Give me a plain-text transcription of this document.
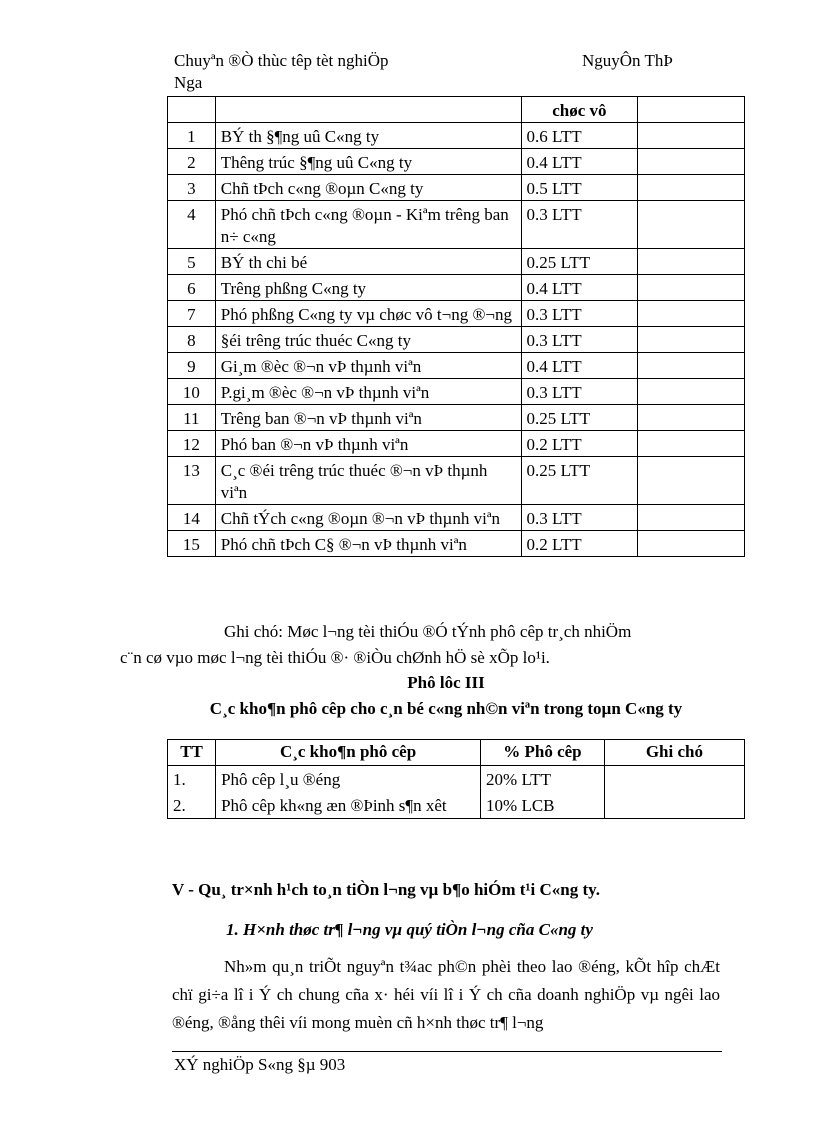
Chuyªn ®Ò thùc têp tèt nghiÖp
Nga
NguyÔn ThÞ
		chøc vô	
1	BÝ th §¶ng uû C«ng ty	0.6 LTT	
2	Thêng trúc §¶ng uû C«ng ty	0.4 LTT	
3	Chñ tÞch c«ng ®oµn C«ng ty	0.5 LTT	
4	Phó chñ tÞch c«ng ®oµn - Kiªm trêng ban n÷ c«ng	0.3 LTT	
5	BÝ th chi bé	0.25 LTT	
6	Trêng phßng C«ng ty	0.4 LTT	
7	Phó phßng C«ng ty vµ chøc vô t¬ng ®¬ng	0.3 LTT	
8	§éi trêng trúc thuéc C«ng ty	0.3 LTT	
9	Gi¸m ®èc ®¬n vÞ thµnh viªn	0.4 LTT	
10	P.gi¸m ®èc ®¬n vÞ thµnh viªn	0.3 LTT	
11	Trêng ban ®¬n vÞ thµnh viªn	0.25 LTT	
12	Phó ban ®¬n vÞ thµnh viªn	0.2 LTT	
13	C¸c ®éi trêng trúc thuéc ®¬n vÞ thµnh viªn	0.25 LTT	
14	Chñ tÝch c«ng ®oµn ®¬n vÞ thµnh viªn	0.3 LTT	
15	Phó chñ tÞch C§ ®¬n vÞ thµnh viªn	0.2 LTT	
Ghi chó: Møc l¬ng tèi thiÓu ®Ó tÝnh phô cêp tr¸ch nhiÖm
c¨n cø vµo møc l¬ng tèi thiÓu ®· ®iÒu chØnh hÖ sè xÕp lo¹i.
Phô lôc III
C¸c kho¶n phô cêp cho c¸n bé c«ng nh©n viªn trong toµn C«ng ty
TT	C¸c kho¶n phô cêp	% Phô cêp	Ghi chó
1.	Phô cêp l¸u ®éng	20% LTT	
2.	Phô cêp kh«ng æn ®Þinh s¶n xêt	10% LCB	
V - Qu¸ tr×nh h¹ch to¸n tiÒn l¬ng vµ b¶o hiÓm t¹i C«ng ty.
1. H×nh thøc tr¶ l¬ng vµ quý tiÒn l¬ng cña C«ng ty
Nh»m qu¸n triÕt nguyªn t¾ac ph©n phèi theo lao ®éng, kÕt hîp chÆt chï gi÷a lî i Ý ch chung cña x· héi víi lî i Ý ch cña doanh nghiÖp vµ ngêi lao ®éng, ®ång thêi víi mong muèn cñ h×nh thøc tr¶ l¬ng
XÝ nghiÖp S«ng §µ 903
